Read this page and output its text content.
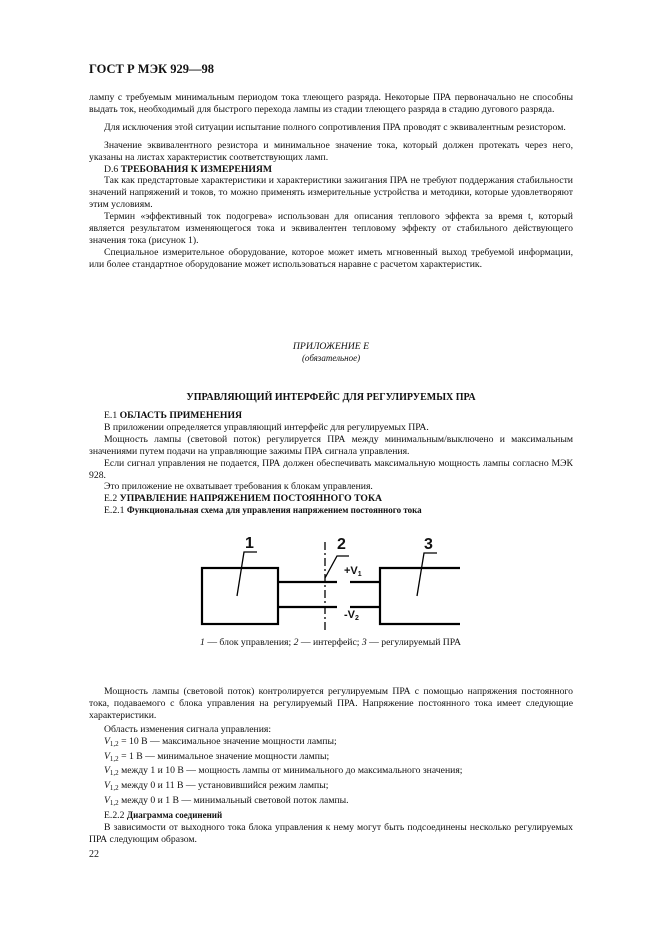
ГОСТ Р МЭК 929—98

лампу с требуемым минимальным периодом тока тлеющего разряда. Некоторые ПРА первоначально не способны выдать ток, необходимый для быстрого перехода лампы из стадии тлеющего разряда в стадию дугового разряда.

Для исключения этой ситуации испытание полного сопротивления ПРА проводят с эквивалентным резистором.

Значение эквивалентного резистора и минимальное значение тока, который должен протекать через него, указаны на листах характеристик соответствующих ламп.

D.6 ТРЕБОВАНИЯ К ИЗМЕРЕНИЯМ

Так как предстартовые характеристики и характеристики зажигания ПРА не требуют поддержания стабильности значений напряжений и токов, то можно применять измерительные устройства и методики, которые удовлетворяют этим условиям.

Термин «эффективный ток подогрева» использован для описания теплового эффекта за время t, который является результатом изменяющегося тока и эквивалентен тепловому эффекту от стабильного действующего значения тока (рисунок 1).

Специальное измерительное оборудование, которое может иметь мгновенный выход требуемой информации, или более стандартное оборудование может использоваться наравне с расчетом характеристик.

ПРИЛОЖЕНИЕ Е

(обязательное)

УПРАВЛЯЮЩИЙ ИНТЕРФЕЙС ДЛЯ РЕГУЛИРУЕМЫХ ПРА

E.1 ОБЛАСТЬ ПРИМЕНЕНИЯ

В приложении определяется управляющий интерфейс для регулируемых ПРА.

Мощность лампы (световой поток) регулируется ПРА между минимальным/выключено и максимальным значениями путем подачи на управляющие зажимы ПРА сигнала управления.

Если сигнал управления не подается, ПРА должен обеспечивать максимальную мощность лампы согласно МЭК 928.

Это приложение не охватывает требования к блокам управления.

E.2 УПРАВЛЕНИЕ НАПРЯЖЕНИЕМ ПОСТОЯННОГО ТОКА

E.2.1 Функциональная схема для управления напряжением постоянного тока

1	2	3
$+V_1$
$-V_2$
1 — блок управления; 2 — интерфейс; 3 — регулируемый ПРА

Мощность лампы (световой поток) контролируется регулируемым ПРА с помощью напряжения постоянного тока, подаваемого с блока управления на регулируемый ПРА. Напряжение постоянного тока имеет следующие характеристики.

Область изменения сигнала управления:

$V_{1,2} = 10$ В — максимальное значение мощности лампы;
$V_{1,2} = 1$ В — минимальное значение мощности лампы;
$V_{1,2}$ между 1 и 10 В — мощность лампы от минимального до максимального значения;
$V_{1,2}$ между 0 и 11 В — установившийся режим лампы;
$V_{1,2}$ между 0 и 1 В — минимальный световой поток лампы.

E.2.2 Диаграмма соединений

В зависимости от выходного тока блока управления к нему могут быть подсоединены несколько регулируемых ПРА следующим образом.

22
